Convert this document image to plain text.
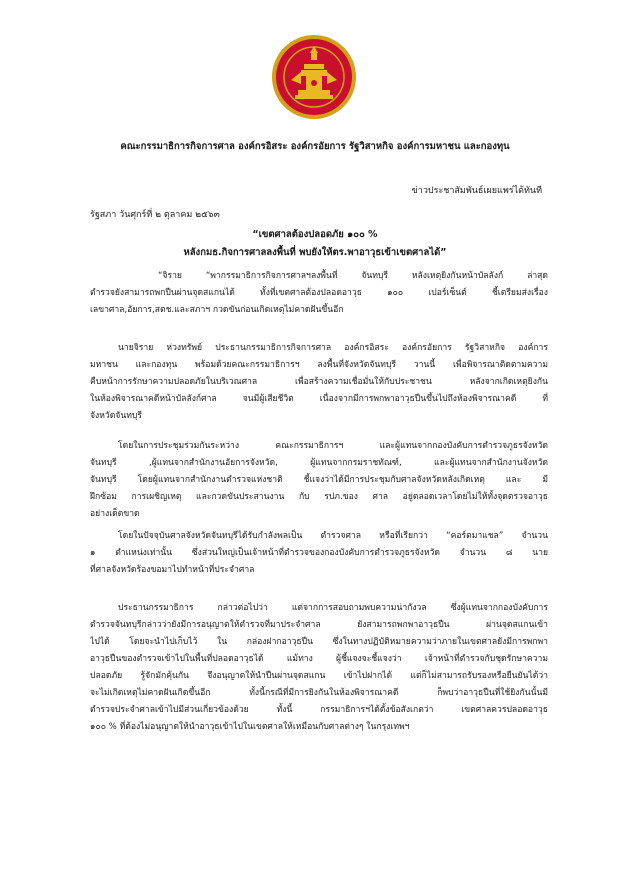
คณะกรรมาธิการกิจการศาล องค์กรอิสระ องค์กรอัยการ รัฐวิสาหกิจ องค์การมหาชน และกองทุน
ข่าวประชาสัมพันธ์เผยแพร่ได้ทันที
รัฐสภา วันศุกร์ที่ ๒ ตุลาคม ๒๕๖๓
“เขตศาลต้องปลอดภัย ๑๐๐ %
หลังกมธ.กิจการศาลลงพื้นที่ พบยังให้ตร.พาอาวุธเข้าเขตศาลได้”
“จิราย “พากรรมาธิการกิจการศาลฯลงพื้นที่ จันทบุรี หลังเหตุยิงกันหน้าบัลลังก์ ล่าสุด
ตำรวจยังสามารถพกปืนผ่านจุดสแกนได้ ทั้งที่เขตศาลต้องปลอดอาวุธ ๑๐๐ เปอร์เซ็นต์ ชี้เตรียมส่งเรื่อง
เลขาศาล,อัยการ,สตช.และสภาฯ กวดขันก่อนเกิดเหตุไม่คาดฝันขึ้นอีก
นายจิราย ห่วงทรัพย์ ประธานกรรมาธิการกิจการศาล องค์กรอิสระ องค์กรอัยการ รัฐวิสาหกิจ องค์การ
มหาชน และกองทุน พร้อมด้วยคณะกรรมาธิการฯ ลงพื้นที่จังหวัดจันทบุรี วานนี้ เพื่อพิจารณาติดตามความ
คืบหน้าการรักษาความปลอดภัยในบริเวณศาล เพื่อสร้างความเชื่อมั่นให้กับประชาชน หลังจากเกิดเหตุยิงกัน
ในห้องพิจารณาคดีหน้าบัลลังก์ศาล จนมีผู้เสียชีวิต เนื่องจากมีการพกพาอาวุธปืนขึ้นไปถึงห้องพิจารณาคดี ที่
จังหวัดจันทบุรี
โดยในการประชุมร่วมกันระหว่าง คณะกรรมาธิการฯ และผู้แทนจากกองบังคับการตำรวจภูธรจังหวัด
จันทบุรี ,ผู้แทนจากสำนักงานอัยการจังหวัด, ผู้แทนจากกรมราชทัณฑ์, และผู้แทนจากสำนักงานจังหวัด
จันทบุรี โดยผู้แทนจากสำนักงานตำรวจแห่งชาติ ชี้แจงว่าได้มีการประชุมกับศาลจังหวัดหลังเกิดเหตุ และ มี
ฝึกซ้อม การเผชิญเหตุ และกวดขันประสานงาน กับ รปภ.ของ ศาล อยู่ตลอดเวลาโดยไม่ให้ทั้งจุดตรวจอาวุธ
อย่างเด็ดขาด
โดยในปัจจุบันศาลจังหวัดจันทบุรีได้รับกำลังพลเป็น ตำรวจศาล หรือที่เรียกว่า “คอร์ตมาแชล” จำนวน
๑ ตำแหน่งเท่านั้น ซึ่งส่วนใหญ่เป็นเจ้าหน้าที่ตำรวจของกองบังคับการตำรวจภูธรจังหวัด จำนวน ๘ นาย
ที่ศาลจังหวัดร้องขอมาไปทำหน้าที่ประจำศาล
ประธานกรรมาธิการ กล่าวต่อไปว่า แต่จากการสอบถามพบความน่ากังวล ซึ่งผู้แทนจากกองบังคับการ
ตำรวจจันทบุรีกล่าวว่ายังมีการอนุญาตให้ตำรวจที่มาประจำศาล ยังสามารถพกพาอาวุธปืน ผ่านจุดสแกนเข้า
ไปได้ โดยจะนำไปเก็บไว้ ใน กล่องฝากอาวุธปืน ซึ่งในทางปฏิบัติหมายความว่าภายในเขตศาลยังมีการพกพา
อาวุธปืนของตำรวจเข้าไปในพื้นที่ปลอดอาวุธได้ แม้ทาง ผู้ชี้แจงจะชี้แจงว่า เจ้าหน้าที่ตำรวจกับชุดรักษาความ
ปลอดภัย รู้จักมักคุ้นกัน จึงอนุญาตให้นำปืนผ่านจุดสแกน เข้าไปฝากได้ แต่ก็ไม่สามารถรับรองหรือยืนยันได้ว่า
จะไม่เกิดเหตุไม่คาดฝันเกิดขึ้นอีก ทั้งนี้กรณีที่มีการยิงกันในห้องพิจารณาคดี ก็พบว่าอาวุธปืนที่ใช้ยิงกันนั้นมี
ตำรวจประจำศาลเข้าไปมีส่วนเกี่ยวข้องด้วย ทั้งนี้ กรรมาธิการฯได้ตั้งข้อสังเกตว่า เขตศาลควรปลอดอาวุธ
๑๐๐ % ที่ต้องไม่อนุญาตให้นำอาวุธเข้าไปในเขตศาลให้เหมือนกับศาลต่างๆ ในกรุงเทพฯ
